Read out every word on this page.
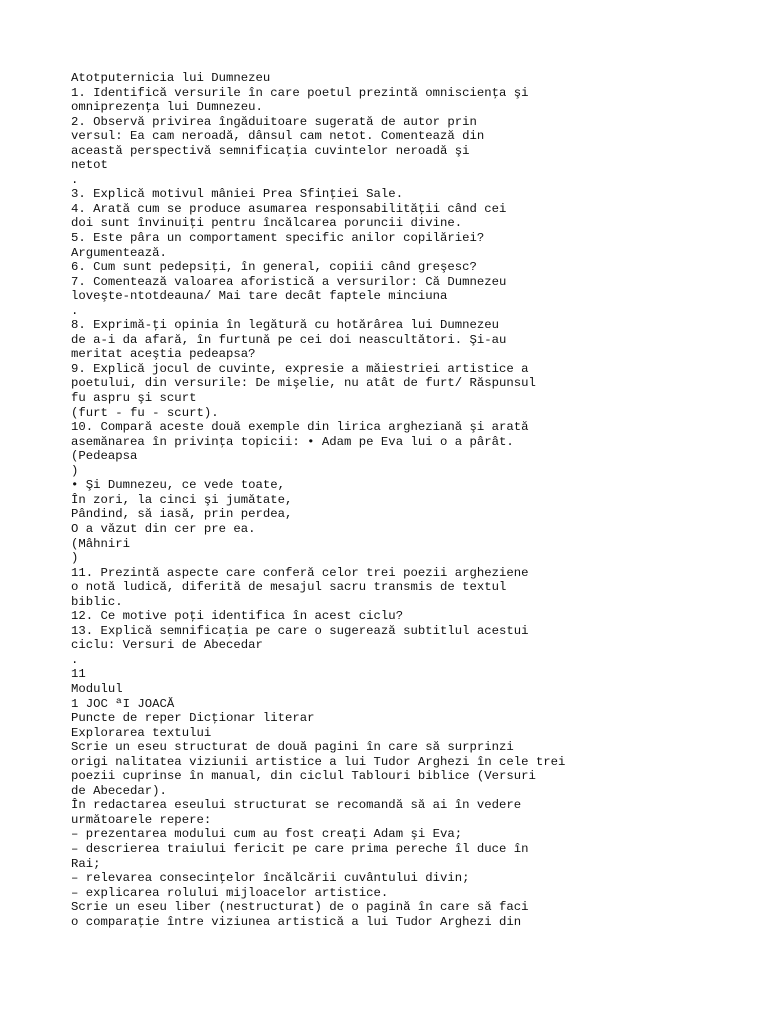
Atotputernicia lui Dumnezeu
1. Identifică versurile în care poetul prezintă omniscienţa şi
omniprezenţa lui Dumnezeu.
2. Observă privirea îngăduitoare sugerată de autor prin
versul: Ea cam neroadă, dânsul cam netot. Comentează din
această perspectivă semnificaţia cuvintelor neroadă şi
netot
.
3. Explică motivul mâniei Prea Sfinţiei Sale.
4. Arată cum se produce asumarea responsabilităţii când cei
doi sunt învinuiţi pentru încălcarea poruncii divine.
5. Este pâra un comportament specific anilor copilăriei?
Argumentează.
6. Cum sunt pedepsiţi, în general, copiii când greşesc?
7. Comentează valoarea aforistică a versurilor: Că Dumnezeu
loveşte-ntotdeauna/ Mai tare decât faptele minciuna
.
8. Exprimă-ţi opinia în legătură cu hotărârea lui Dumnezeu
de a-i da afară, în furtună pe cei doi neascultători. Şi-au
meritat aceştia pedeapsa?
9. Explică jocul de cuvinte, expresie a măiestriei artistice a
poetului, din versurile: De mişelie, nu atât de furt/ Răspunsul
fu aspru şi scurt
(furt - fu - scurt).
10. Compară aceste două exemple din lirica argheziană şi arată
asemănarea în privinţa topicii: • Adam pe Eva lui o a pârât.
(Pedeapsa
)
• Şi Dumnezeu, ce vede toate,
În zori, la cinci şi jumătate,
Pândind, să iasă, prin perdea,
O a văzut din cer pre ea.
(Mâhniri
)
11. Prezintă aspecte care conferă celor trei poezii argheziene
o notă ludică, diferită de mesajul sacru transmis de textul
biblic.
12. Ce motive poţi identifica în acest ciclu?
13. Explică semnificaţia pe care o sugerează subtitlul acestui
ciclu: Versuri de Abecedar
.
11
Modulul
1 JOC ªI JOACĂ
Puncte de reper Dicţionar literar
Explorarea textului
Scrie un eseu structurat de două pagini în care să surprinzi
origi nalitatea viziunii artistice a lui Tudor Arghezi în cele trei
poezii cuprinse în manual, din ciclul Tablouri biblice (Versuri
de Abecedar).
În redactarea eseului structurat se recomandă să ai în vedere
următoarele repere:
– prezentarea modului cum au fost creaţi Adam şi Eva;
– descrierea traiului fericit pe care prima pereche îl duce în
Rai;
– relevarea consecinţelor încălcării cuvântului divin;
– explicarea rolului mijloacelor artistice.
Scrie un eseu liber (nestructurat) de o pagină în care să faci
o comparaţie între viziunea artistică a lui Tudor Arghezi din
